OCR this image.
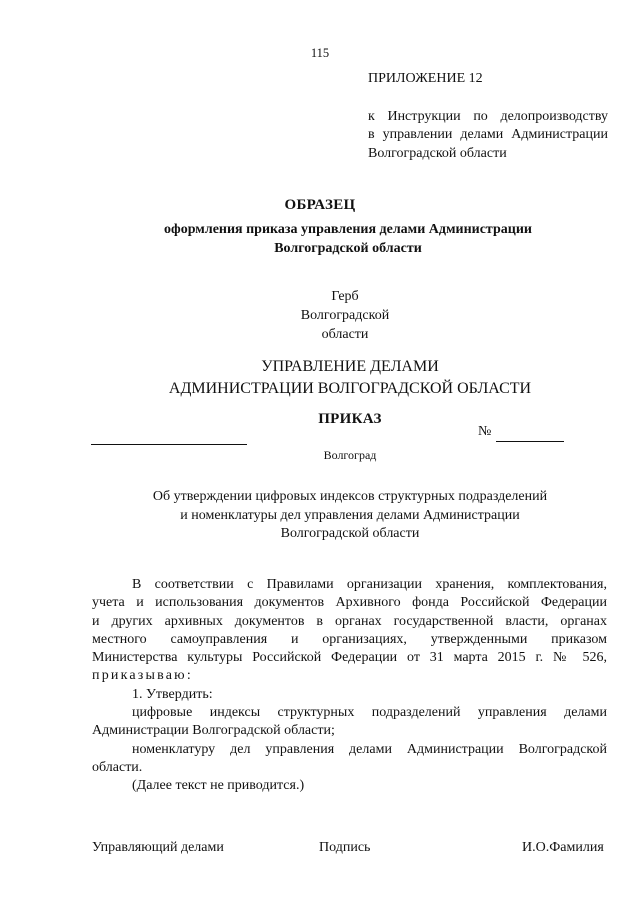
115
ПРИЛОЖЕНИЕ 12
к Инструкции по делопроизводству
в управлении делами Администрации
Волгоградской области
ОБРАЗЕЦ
оформления приказа управления делами Администрации
Волгоградской области
Герб
Волгоградской
области
УПРАВЛЕНИЕ ДЕЛАМИ
АДМИНИСТРАЦИИ ВОЛГОГРАДСКОЙ ОБЛАСТИ
ПРИКАЗ
№
Волгоград
Об утверждении цифровых индексов структурных подразделений
и номенклатуры дел управления делами Администрации
Волгоградской области
В соответствии с Правилами организации хранения, комплектования,
учета и использования документов Архивного фонда Российской Федерации
и других архивных документов в органах государственной власти, органах
местного самоуправления и организациях, утвержденными приказом
Министерства культуры Российской Федерации от 31 марта 2015 г. № 526,
приказываю:
1. Утвердить:
цифровые индексы структурных подразделений управления делами
Администрации Волгоградской области;
номенклатуру дел управления делами Администрации Волгоградской
области.
(Далее текст не приводится.)
Управляющий делами	Подпись	И.О.Фамилия
